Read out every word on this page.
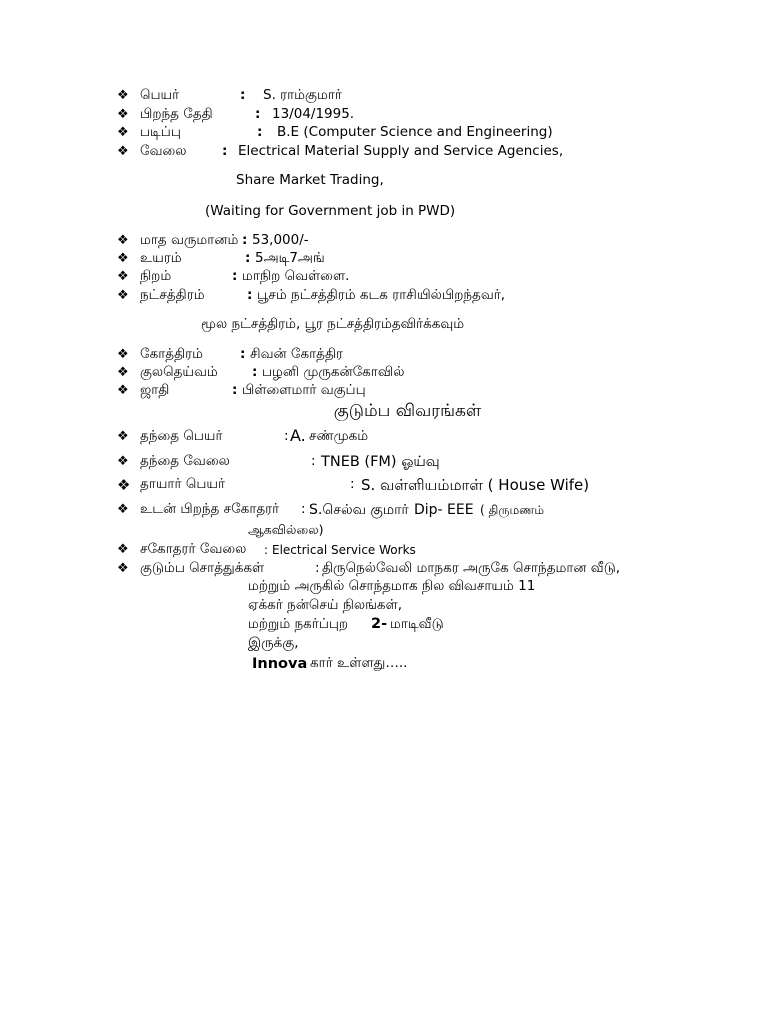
❖ பெயர்	: S. ராம்குமார்
❖ பிறந்த தேதி	: 13/04/1995.
❖ படிப்பு	: B.E (Computer Science and Engineering)
❖ வேலை	: Electrical Material Supply and Service Agencies,
Share Market Trading,
(Waiting for Government job in PWD)
❖ மாத வருமானம் : 53,000/-
❖ உயரம்	: 5அடி7அங்
❖ நிறம்	: மாநிற வெள்ளை.
❖ நட்சத்திரம்	: பூசம் நட்சத்திரம் கடக ராசியில்பிறந்தவர்,
மூல நட்சத்திரம், பூர நட்சத்திரம்தவிர்க்கவும்
❖ கோத்திரம்	: சிவன் கோத்திர
❖ குலதெய்வம்	: பழனி முருகன்கோவில்
❖ ஜாதி	: பிள்ளைமார் வகுப்பு
குடும்ப விவரங்கள்
❖ தந்தை பெயர்	: A. சண்முகம்
❖ தந்தை வேலை	: TNEB (FM) ஓய்வு
❖ தாயார் பெயர்	: S. வள்ளியம்மாள் ( House Wife)
❖ உடன் பிறந்த சகோதரர் : S.செல்வ குமார் Dip- EEE ( திருமணம்
ஆகவில்லை)
❖ சகோதரர் வேலை : Electrical Service Works
❖ குடும்ப சொத்துக்கள்	: திருநெல்வேலி மாநகர அருகே சொந்தமான வீடு,
மற்றும் அருகில் சொந்தமாக நில விவசாயம் 11
ஏக்கர் நன்செய் நிலங்கள்,
மற்றும் நகர்ப்புற 2- மாடிவீடு
இருக்கு,
Innova கார் உள்ளது…..
